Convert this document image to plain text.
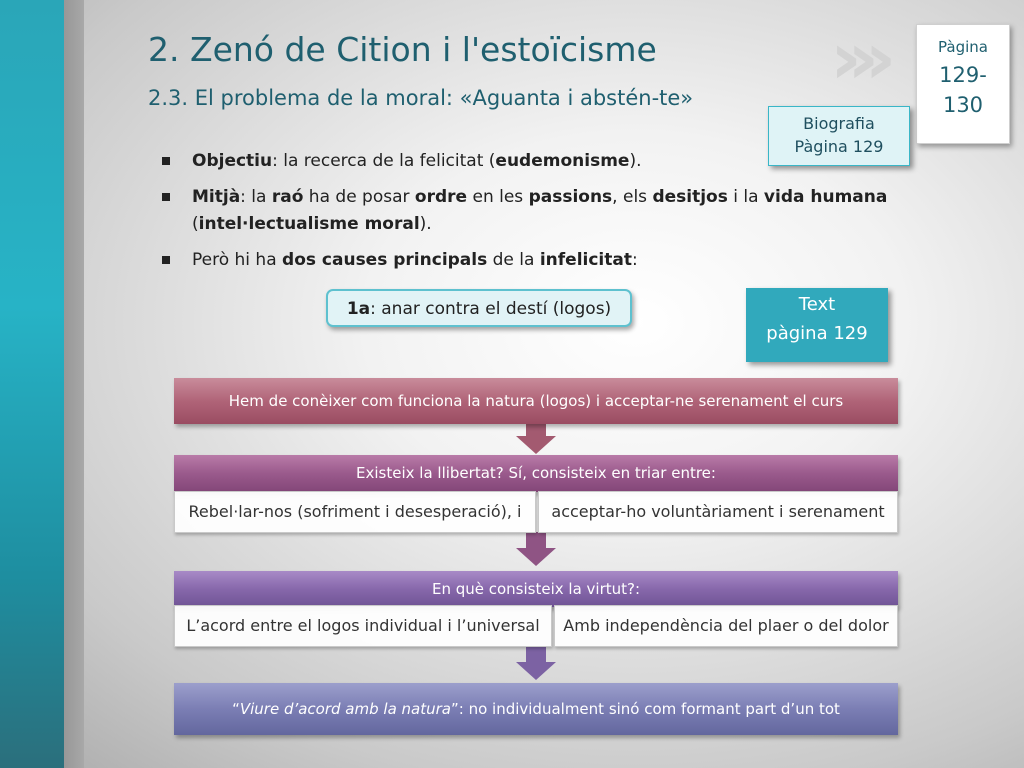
›››
2. Zenó de Cition i l'estoïcisme
2.3. El problema de la moral: «Aguanta i abstén-te»
Pàgina
129-
130
Biografia
Pàgina 129
Objectiu: la recerca de la felicitat (eudemonisme).
Mitjà: la raó ha de posar ordre en les passions, els desitjos i la vida humana (intel·lectualisme moral).
Però hi ha dos causes principals de la infelicitat:
1a: anar contra el destí (logos)	Text
pàgina 129
Hem de conèixer com funciona la natura (logos) i acceptar-ne serenament el curs
Existeix la llibertat? Sí, consisteix en triar entre:
Rebel·lar-nos (sofriment i desesperació), i	acceptar-ho voluntàriament i serenament
En què consisteix la virtut?:
L’acord entre el logos individual i l’universal	Amb independència del plaer o del dolor
“Viure d’acord amb la natura”: no individualment sinó com formant part d’un tot
